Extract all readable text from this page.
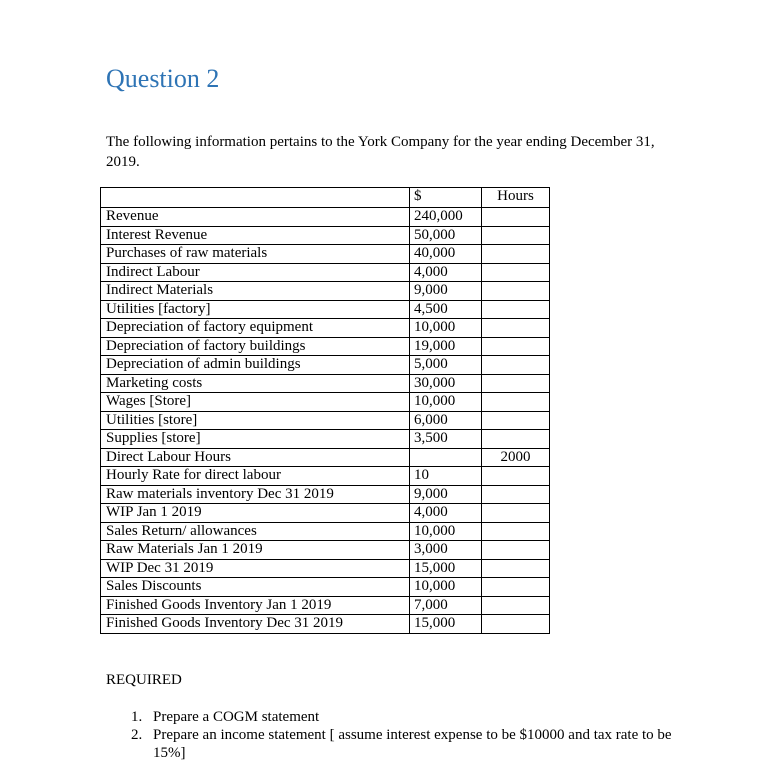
Question 2

The following information pertains to the York Company for the year ending December 31, 2019.

	$	Hours
Revenue	240,000	
Interest Revenue	50,000	
Purchases of raw materials	40,000	
Indirect Labour	4,000	
Indirect Materials	9,000	
Utilities [factory]	4,500	
Depreciation of factory equipment	10,000	
Depreciation of factory buildings	19,000	
Depreciation of admin buildings	5,000	
Marketing costs	30,000	
Wages [Store]	10,000	
Utilities [store]	6,000	
Supplies [store]	3,500	
Direct Labour Hours		2000
Hourly Rate for direct labour	10	
Raw materials inventory Dec 31 2019	9,000	
WIP Jan 1 2019	4,000	
Sales Return/ allowances	10,000	
Raw Materials Jan 1 2019	3,000	
WIP Dec 31 2019	15,000	
Sales Discounts	10,000	
Finished Goods Inventory Jan 1 2019	7,000	
Finished Goods Inventory Dec 31 2019	15,000	

REQUIRED

1. Prepare a COGM statement
2. Prepare an income statement [ assume interest expense to be $10000 and tax rate to be 15%]
